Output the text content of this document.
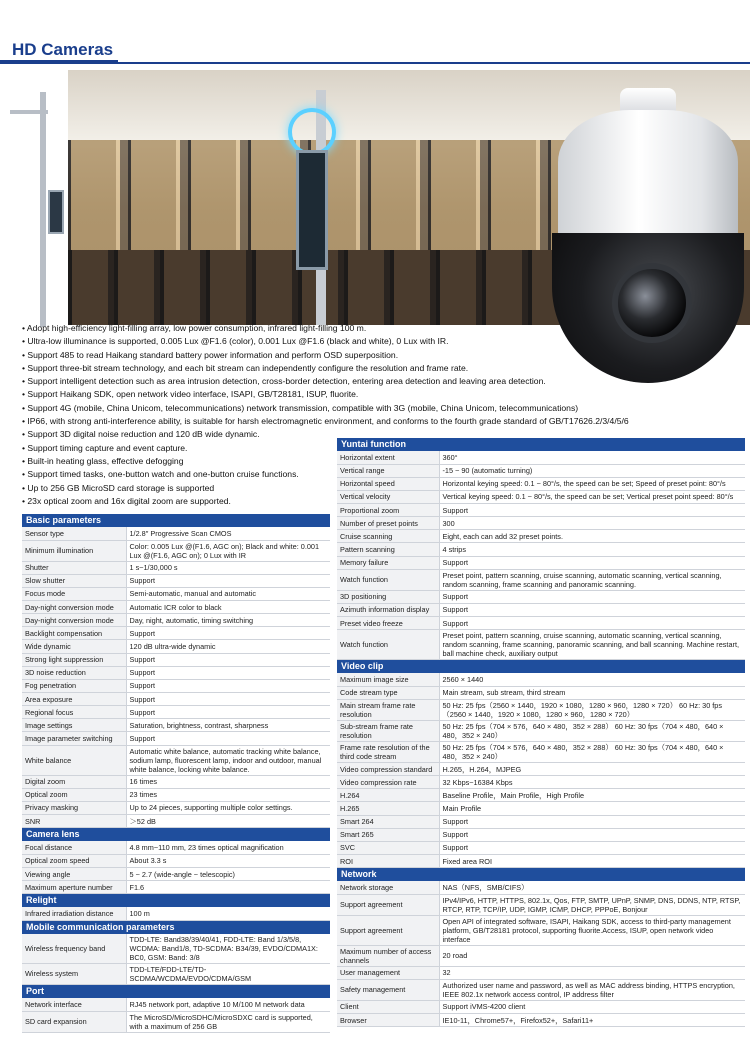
HD Cameras
• Adopt high-efficiency light-filling array, low power consumption, infrared light-filling 100 m.
• Ultra-low illuminance is supported, 0.005 Lux @F1.6 (color), 0.001 Lux @F1.6 (black and white), 0 Lux with IR.
• Support 485 to read Haikang standard battery power information and perform OSD superposition.
• Support three-bit stream technology, and each bit stream can independently configure the resolution and frame rate.
• Support intelligent detection such as area intrusion detection, cross-border detection, entering area detection and leaving area detection.
• Support Haikang SDK, open network video interface, ISAPI, GB/T28181, ISUP, fluorite.
• Support 4G (mobile, China Unicom, telecommunications) network transmission, compatible with 3G (mobile, China Unicom, telecommunications)
• IP66, with strong anti-interference ability, is suitable for harsh electromagnetic environment, and conforms to the fourth grade standard of GB/T17626.2/3/4/5/6
• Support 3D digital noise reduction and 120 dB wide dynamic.
• Support timing capture and event capture.
• Built-in heating glass, effective defogging
• Support timed tasks, one-button watch and one-button cruise functions.
• Up to 256 GB MicroSD card storage is supported
• 23x optical zoom and 16x digital zoom are supported.
Basic parameters	
Sensor type	1/2.8″ Progressive Scan CMOS
Minimum illumination	Color: 0.005 Lux @(F1.6, AGC on); Black and white: 0.001 Lux @(F1.6, AGC on); 0 Lux with IR
Shutter	1 s~1/30,000 s
Slow shutter	Support
Focus mode	Semi-automatic, manual and automatic
Day-night conversion mode	Automatic ICR color to black
Day-night conversion mode	Day, night, automatic, timing switching
Backlight compensation	Support
Wide dynamic	120 dB ultra-wide dynamic
Strong light suppression	Support
3D noise reduction	Support
Fog penetration	Support
Area exposure	Support
Regional focus	Support
Image settings	Saturation, brightness, contrast, sharpness
Image parameter switching	Support
White balance	Automatic white balance, automatic tracking white balance, sodium lamp, fluorescent lamp, indoor and outdoor, manual white balance, locking white balance.
Digital zoom	16 times
Optical zoom	23 times
Privacy masking	Up to 24 pieces, supporting multiple color settings.
SNR	＞52 dB
Camera lens	
Focal distance	4.8 mm~110 mm, 23 times optical magnification
Optical zoom speed	About 3.3 s
Viewing angle	5 ~ 2.7 (wide-angle ~ telescopic)
Maximum aperture number	F1.6
Relight	
Infrared irradiation distance	100 m
Mobile communication parameters	
Wireless frequency band	TDD-LTE: Band38/39/40/41, FDD-LTE: Band 1/3/5/8, WCDMA: Band1/8, TD-SCDMA: B34/39, EVDO/CDMA1X: BC0, GSM: Band: 3/8
Wireless system	TDD-LTE/FDD-LTE/TD-SCDMA/WCDMA/EVDO/CDMA/GSM
Port	
Network interface	RJ45 network port, adaptive 10 M/100 M network data
SD card expansion	The MicroSD/MicroSDHC/MicroSDXC card is supported, with a maximum of 256 GB
Yuntai function	
Horizontal extent	360°
Vertical range	-15 ~ 90 (automatic turning)
Horizontal speed	Horizontal keying speed: 0.1 ~ 80°/s, the speed can be set; Speed of preset point: 80°/s
Vertical velocity	Vertical keying speed: 0.1 ~ 80°/s, the speed can be set; Vertical preset point speed: 80°/s
Proportional zoom	Support
Number of preset points	300
Cruise scanning	Eight, each can add 32 preset points.
Pattern scanning	4 strips
Memory failure	Support
Watch function	Preset point, pattern scanning, cruise scanning, automatic scanning, vertical scanning, random scanning, frame scanning and panoramic scanning.
3D positioning	Support
Azimuth information display	Support
Preset video freeze	Support
Watch function	Preset point, pattern scanning, cruise scanning, automatic scanning, vertical scanning, random scanning, frame scanning, panoramic scanning, and ball scanning. Machine restart, ball machine check, auxiliary output
Video clip	
Maximum image size	2560 × 1440
Code stream type	Main stream, sub stream, third stream
Main stream frame rate resolution	50 Hz: 25 fps（2560 × 1440，1920 × 1080，1280 × 960，1280 × 720） 60 Hz: 30 fps（2560 × 1440，1920 × 1080，1280 × 960，1280 × 720）
Sub-stream frame rate resolution	50 Hz: 25 fps（704 × 576，640 × 480，352 × 288） 60 Hz: 30 fps（704 × 480，640 × 480，352 × 240）
Frame rate resolution of the third code stream	50 Hz: 25 fps（704 × 576，640 × 480，352 × 288） 60 Hz: 30 fps（704 × 480，640 × 480，352 × 240）
Video compression standard	H.265，H.264，MJPEG
Video compression rate	32 Kbps~16384 Kbps
H.264	Baseline Profile，Main Profile，High Profile
H.265	Main Profile
Smart 264	Support
Smart 265	Support
SVC	Support
ROI	Fixed area ROI
Network	
Network storage	NAS（NFS，SMB/CIFS）
Support agreement	IPv4/IPv6, HTTP, HTTPS, 802.1x, Qos, FTP, SMTP, UPnP, SNMP, DNS, DDNS, NTP, RTSP, RTCP, RTP, TCP/IP, UDP, IGMP, ICMP, DHCP, PPPoE, Bonjour
Support agreement	Open API of integrated software, ISAPI, Haikang SDK, access to third-party management platform, GB/T28181 protocol, supporting fluorite.Access, ISUP, open network video interface
Maximum number of access channels	20 road
User management	32
Safety management	Authorized user name and password, as well as MAC address binding, HTTPS encryption, IEEE 802.1x network access control, IP address filter
Client	Support iVMS-4200 client
Browser	IE10-11，Chrome57+，Firefox52+，Safari11+
